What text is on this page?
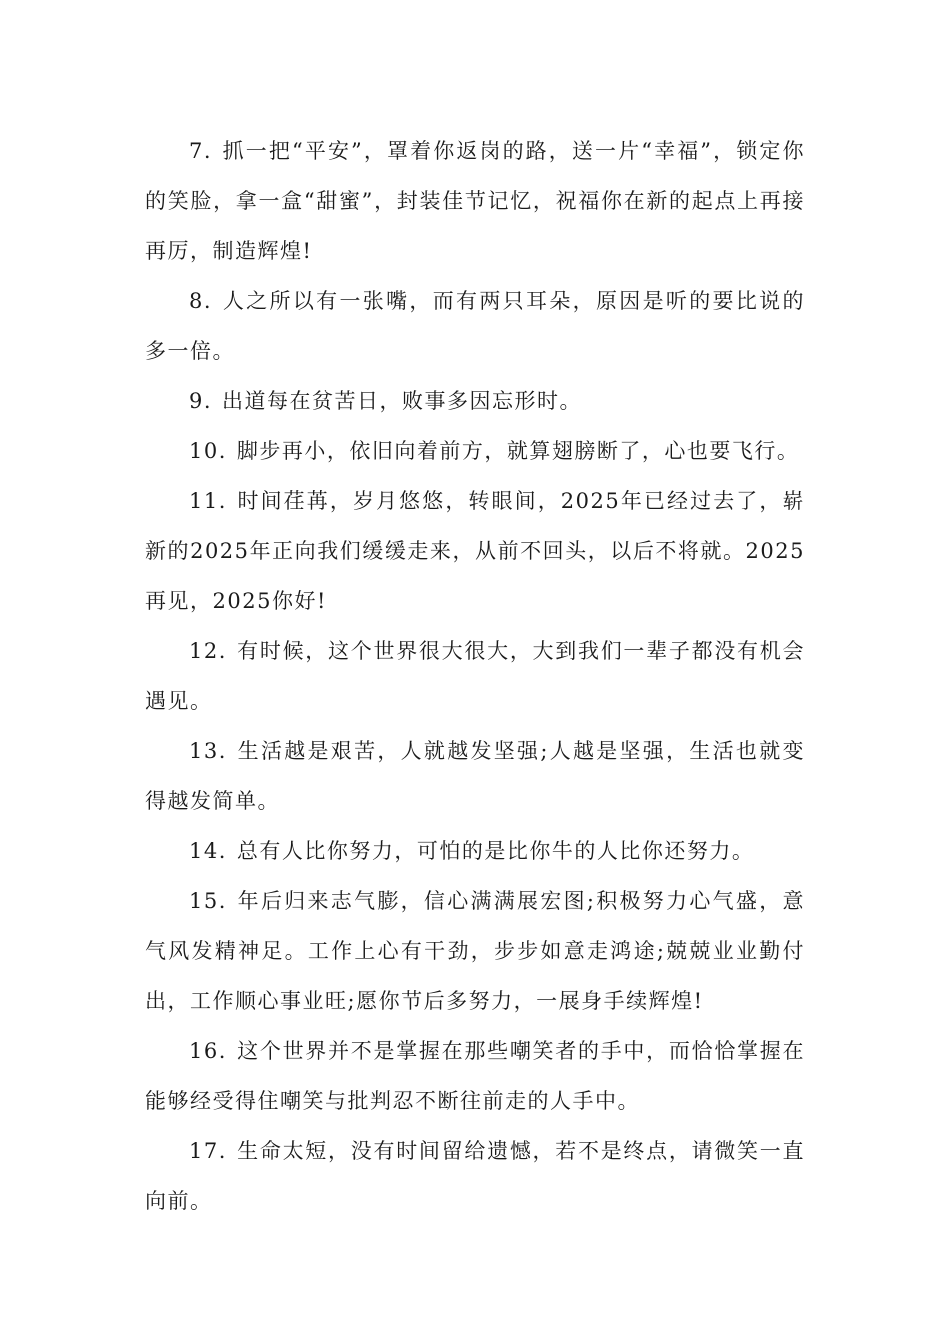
7. 抓一把“平安”，罩着你返岗的路，送一片“幸福”，锁定你的笑脸，拿一盒“甜蜜”，封装佳节记忆，祝福你在新的起点上再接再厉，制造辉煌!

8. 人之所以有一张嘴，而有两只耳朵，原因是听的要比说的多一倍。

9. 出道每在贫苦日，败事多因忘形时。

10. 脚步再小，依旧向着前方，就算翅膀断了，心也要飞行。

11. 时间荏苒，岁月悠悠，转眼间，2025年已经过去了，崭新的2025年正向我们缓缓走来，从前不回头，以后不将就。2025再见，2025你好!

12. 有时候，这个世界很大很大，大到我们一辈子都没有机会遇见。

13. 生活越是艰苦，人就越发坚强;人越是坚强，生活也就变得越发简单。

14. 总有人比你努力，可怕的是比你牛的人比你还努力。

15. 年后归来志气膨，信心满满展宏图;积极努力心气盛，意气风发精神足。工作上心有干劲，步步如意走鸿途;兢兢业业勤付出，工作顺心事业旺;愿你节后多努力，一展身手续辉煌!

16. 这个世界并不是掌握在那些嘲笑者的手中，而恰恰掌握在能够经受得住嘲笑与批判忍不断往前走的人手中。

17. 生命太短，没有时间留给遗憾，若不是终点，请微笑一直向前。
